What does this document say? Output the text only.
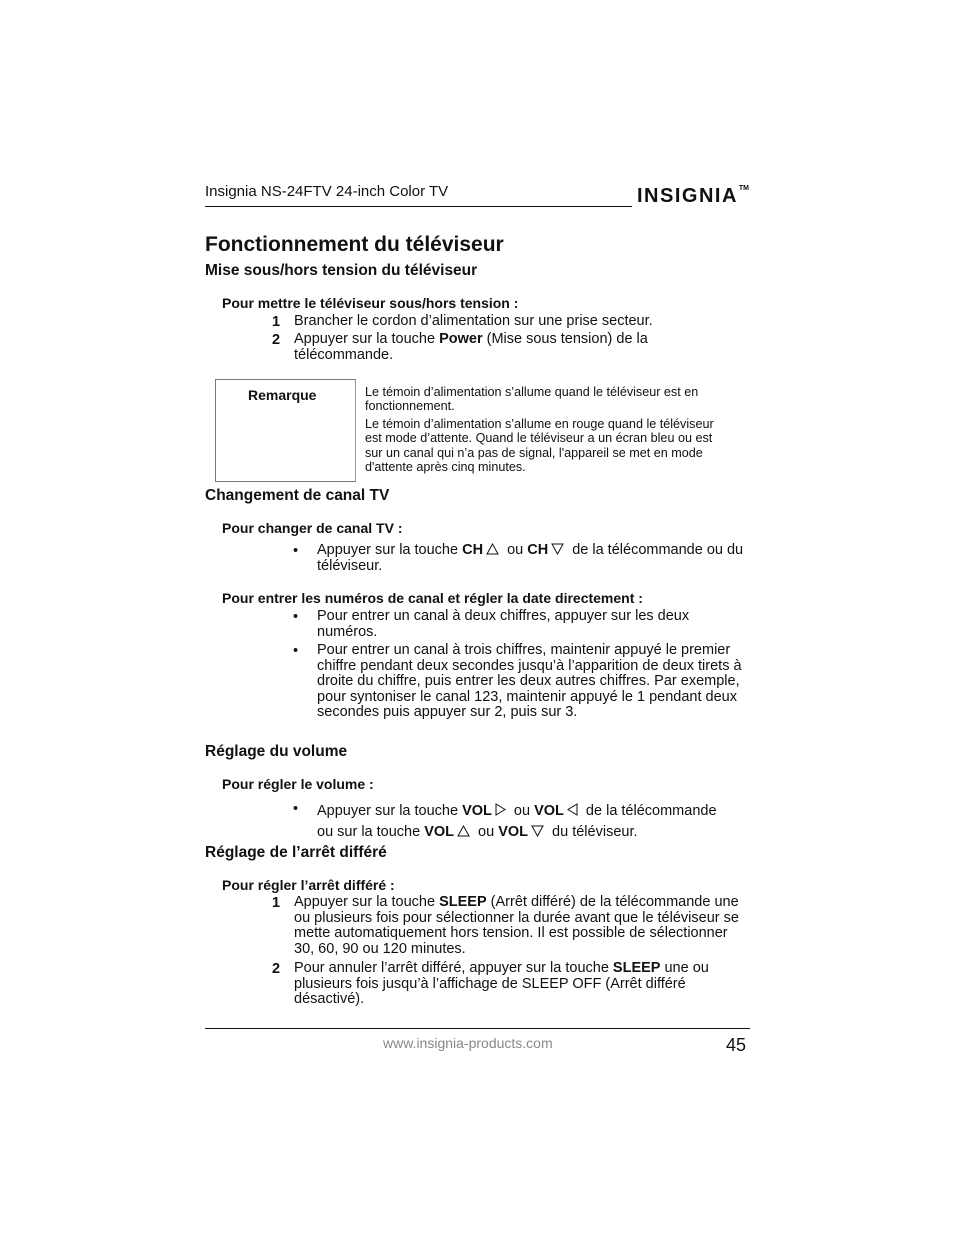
Insignia NS-24FTV 24-inch Color TV	INSIGNIA™
Fonctionnement du téléviseur
Mise sous/hors tension du téléviseur
Pour mettre le téléviseur sous/hors tension :
1 Brancher le cordon d’alimentation sur une prise secteur.
2 Appuyer sur la touche Power (Mise sous tension) de la télécommande.
Remarque	Le témoin d’alimentation s’allume quand le téléviseur est en fonctionnement.
Le témoin d’alimentation s’allume en rouge quand le téléviseur est mode d’attente. Quand le téléviseur a un écran bleu ou est sur un canal qui n’a pas de signal, l'appareil se met en mode d'attente après cinq minutes.
Changement de canal TV
Pour changer de canal TV :
• Appuyer sur la touche CH ou CH de la télécommande ou du téléviseur.
Pour entrer les numéros de canal et régler la date directement :
• Pour entrer un canal à deux chiffres, appuyer sur les deux numéros.
• Pour entrer un canal à trois chiffres, maintenir appuyé le premier chiffre pendant deux secondes jusqu’à l’apparition de deux tirets à droite du chiffre, puis entrer les deux autres chiffres. Par exemple, pour syntoniser le canal 123, maintenir appuyé le 1 pendant deux secondes puis appuyer sur 2, puis sur 3.
Réglage du volume
Pour régler le volume :
• Appuyer sur la touche VOL ou VOL de la télécommande
ou sur la touche VOL ou VOL du téléviseur.
Réglage de l’arrêt différé
Pour régler l’arrêt différé :
1 Appuyer sur la touche SLEEP (Arrêt différé) de la télécommande une ou plusieurs fois pour sélectionner la durée avant que le téléviseur se mette automatiquement hors tension. Il est possible de sélectionner 30, 60, 90 ou 120 minutes.
2 Pour annuler l’arrêt différé, appuyer sur la touche SLEEP une ou plusieurs fois jusqu’à l’affichage de SLEEP OFF (Arrêt différé désactivé).
www.insignia-products.com	45
